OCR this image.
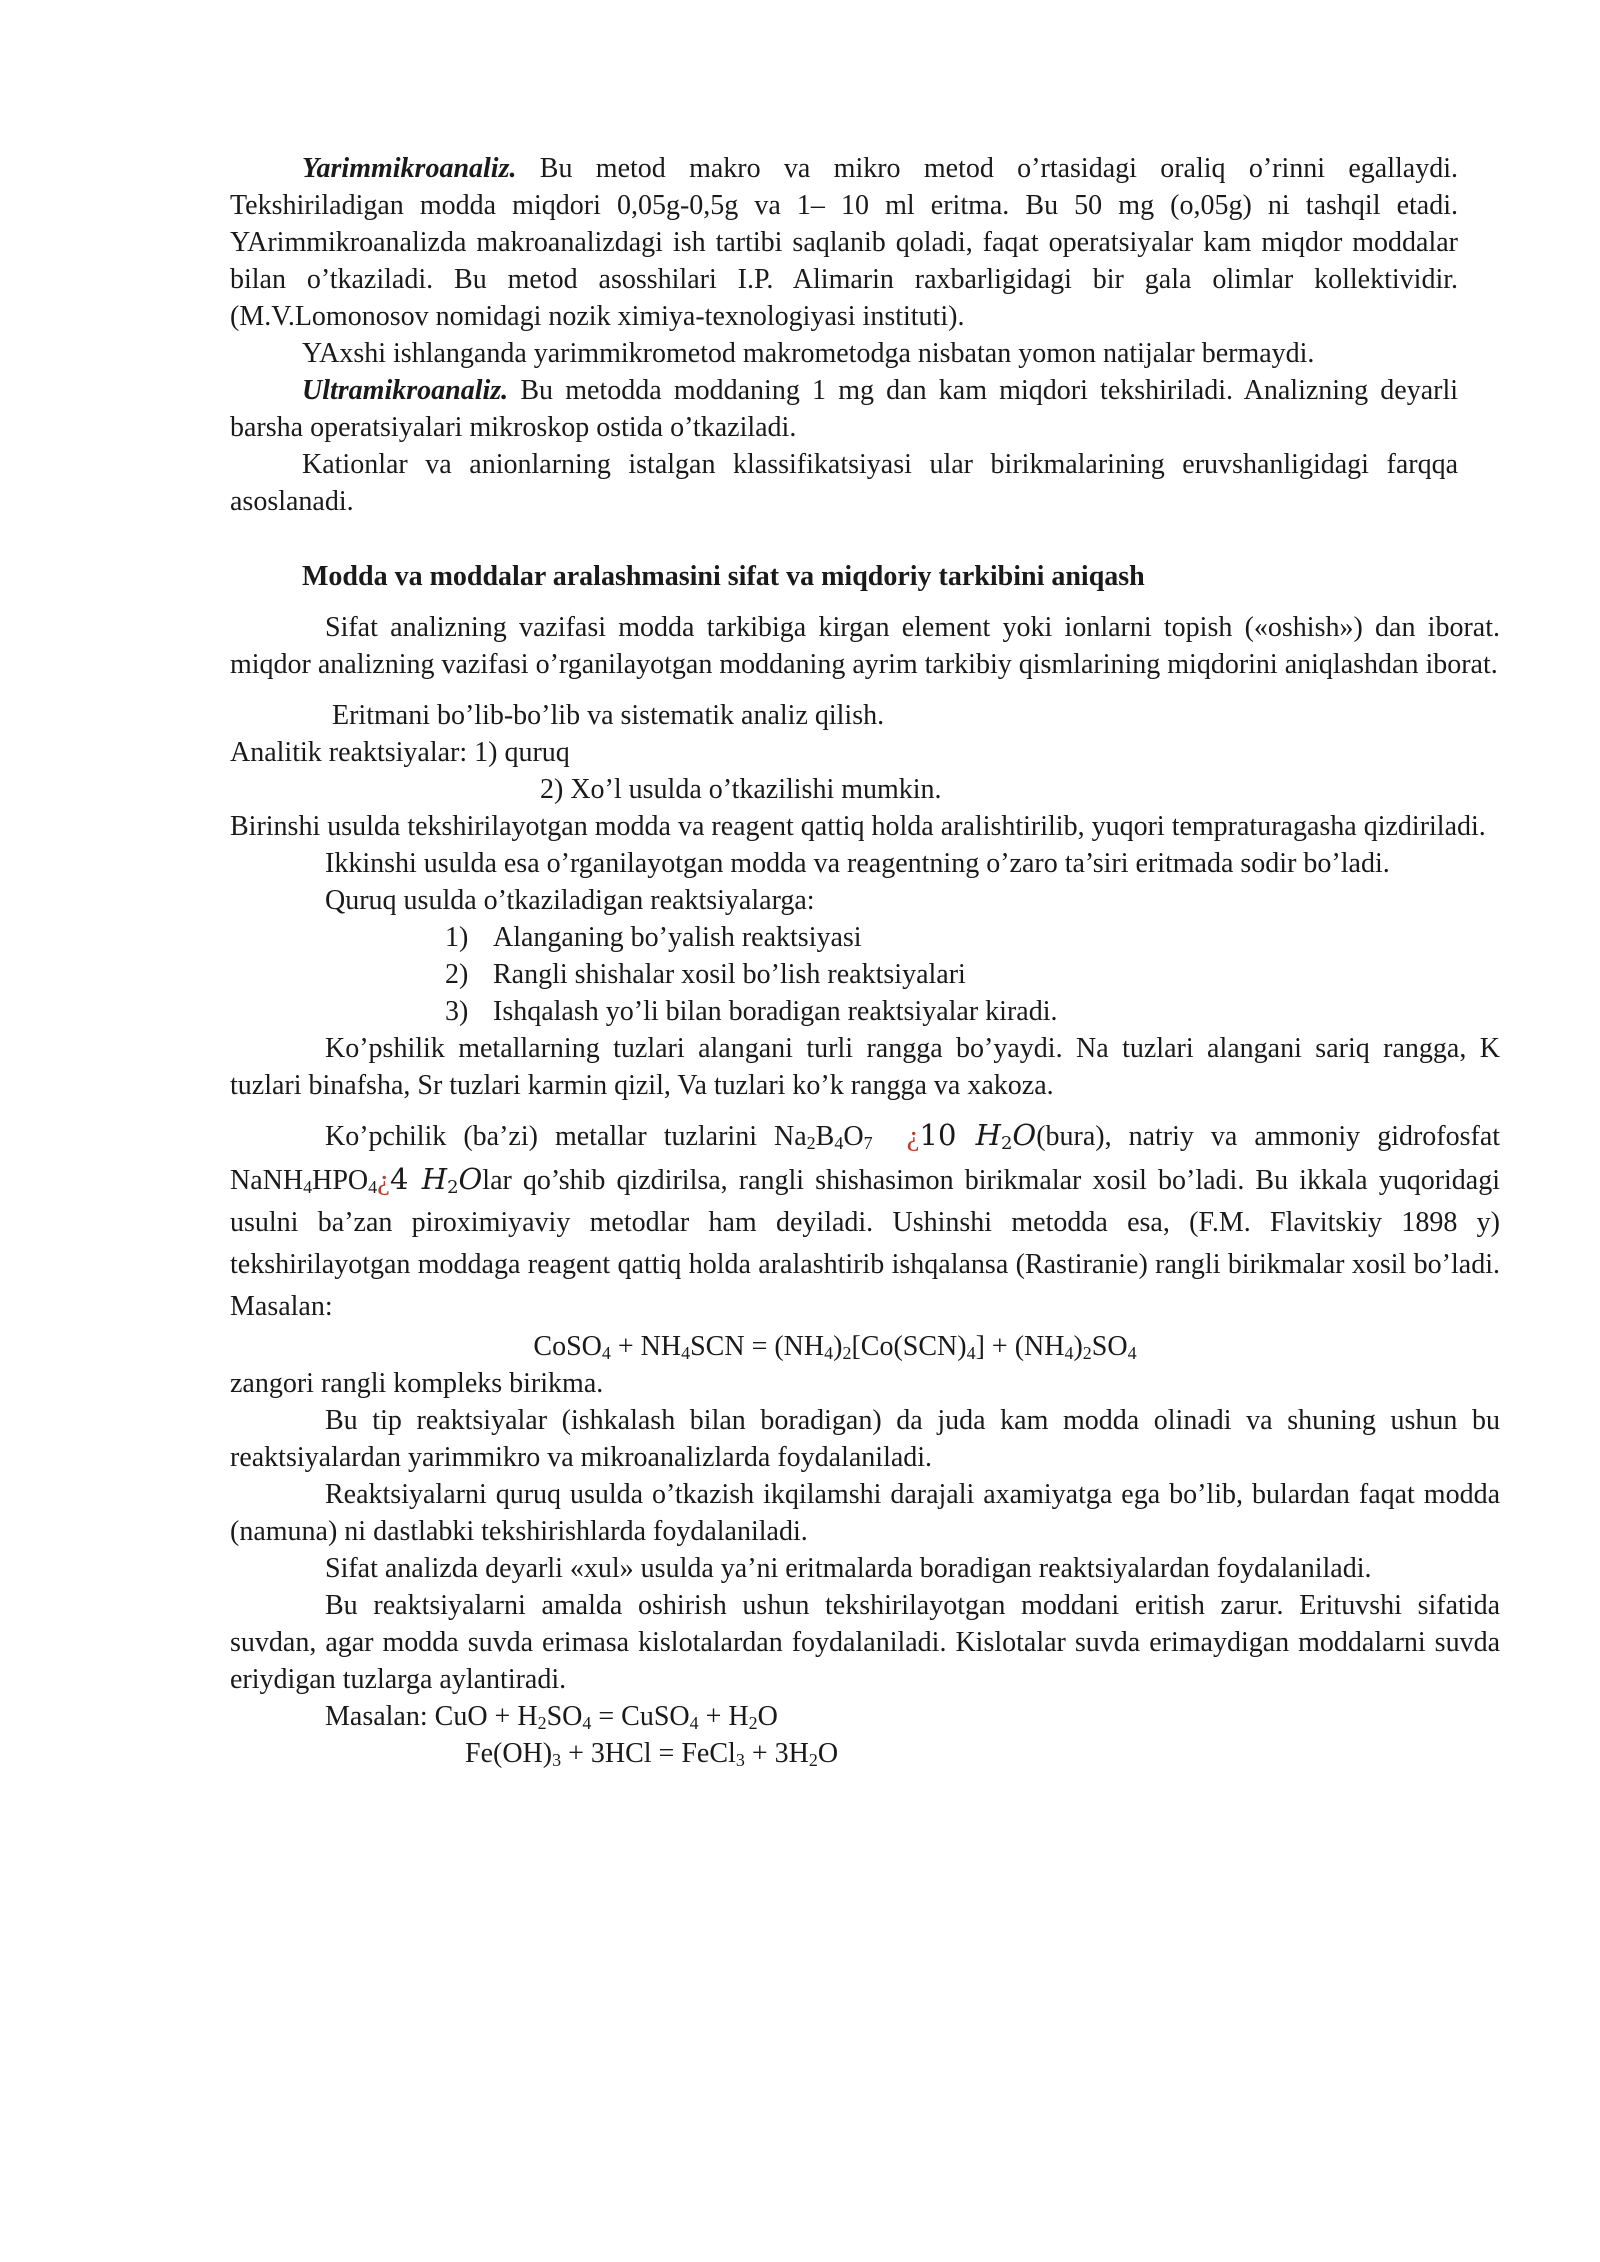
Yarimmikroanaliz. Bu metod makro va mikro metod o’rtasidagi oraliq o’rinni egallaydi. Tekshiriladigan modda miqdori 0,05g-0,5g va 1– 10 ml eritma. Bu 50 mg (o,05g) ni tashqil etadi. YArimmikroanalizda makroanalizdagi ish tartibi saqlanib qoladi, faqat operatsiyalar kam miqdor moddalar bilan o’tkaziladi. Bu metod asosshilari I.P. Alimarin raxbarligidagi bir gala olimlar kollektividir. (M.V.Lomonosov nomidagi nozik ximiya-texnologiyasi instituti).

YAxshi ishlanganda yarimmikrometod makrometodga nisbatan yomon natijalar bermaydi.

Ultramikroanaliz. Bu metodda moddaning 1 mg dan kam miqdori tekshiriladi. Analizning deyarli barsha operatsiyalari mikroskop ostida o’tkaziladi.

Kationlar va anionlarning istalgan klassifikatsiyasi ular birikmalarining eruvshanligidagi farqqa asoslanadi.

Modda va moddalar aralashmasini sifat va miqdoriy tarkibini aniqash

Sifat analizning vazifasi modda tarkibiga kirgan element yoki ionlarni topish («oshish») dan iborat. miqdor analizning vazifasi o’rganilayotgan moddaning ayrim tarkibiy qismlarining miqdorini aniqlashdan iborat.

Eritmani bo’lib-bo’lib va sistematik analiz qilish.

Analitik reaktsiyalar: 1) quruq

2) Xo’l usulda o’tkazilishi mumkin.

Birinshi usulda tekshirilayotgan modda va reagent qattiq holda aralishtirilib, yuqori tempraturagasha qizdiriladi.

Ikkinshi usulda esa o’rganilayotgan modda va reagentning o’zaro ta’siri eritmada sodir bo’ladi.

Quruq usulda o’tkaziladigan reaktsiyalarga:

1) Alanganing bo’yalish reaktsiyasi
2) Rangli shishalar xosil bo’lish reaktsiyalari
3) Ishqalash yo’li bilan boradigan reaktsiyalar kiradi.

Ko’pshilik metallarning tuzlari alangani turli rangga bo’yaydi. Na tuzlari alangani sariq rangga, K tuzlari binafsha, Sr tuzlari karmin qizil, Va tuzlari ko’k rangga va xakoza.

Ko’pchilik (ba’zi) metallar tuzlarini $Na_2B_4O_7$ ¿10 $H_2O(bura)$, natriy va ammoniy gidrofosfat $NaNH_4HPO_4¿4$ $H_2Olar$ qo’shib qizdirilsa, rangli shishasimon birikmalar xosil bo’ladi. Bu ikkala yuqoridagi usulni ba’zan piroximiyaviy metodlar ham deyiladi. Ushinshi metodda esa, (F.M. Flavitskiy 1898 y) tekshirilayotgan moddaga reagent qattiq holda aralashtirib ishqalansa (Rastiranie) rangli birikmalar xosil bo’ladi. Masalan:

CoSO$_4$ + $NH_4SCN = (NH_4)_2[Co(SCN)_4] + (NH_4)_2SO_4$

zangori rangli kompleks birikma.

Bu tip reaktsiyalar (ishkalash bilan boradigan) da juda kam modda olinadi va shuning ushun bu reaktsiyalardan yarimmikro va mikroanalizlarda foydalaniladi.

Reaktsiyalarni quruq usulda o’tkazish ikqilamshi darajali axamiyatga ega bo’lib, bulardan faqat modda (namuna) ni dastlabki tekshirishlarda foydalaniladi.

Sifat analizda deyarli «xul» usulda ya’ni eritmalarda boradigan reaktsiyalardan foydalaniladi.

Bu reaktsiyalarni amalda oshirish ushun tekshirilayotgan moddani eritish zarur. Erituvshi sifatida suvdan, agar modda suvda erimasa kislotalardan foydalaniladi. Kislotalar suvda erimaydigan moddalarni suvda eriydigan tuzlarga aylantiradi.

Masalan: CuO + $H_2SO_4$ = CuSO$_4$ + $H_2O$

$Fe(OH)_3 + 3HCl$ = FeCl$_3$ + $3H_2O$
